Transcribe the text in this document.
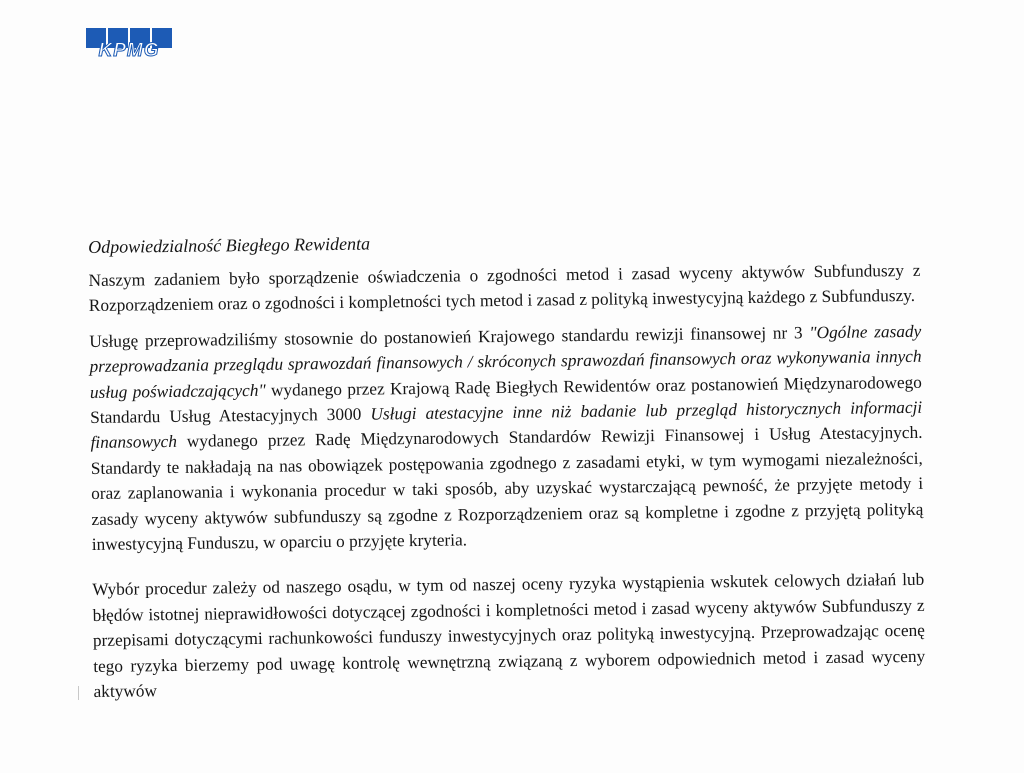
KPMG
Odpowiedzialność Biegłego Rewidenta

Naszym zadaniem było sporządzenie oświadczenia o zgodności metod i zasad wyceny aktywów Subfunduszy z Rozporządzeniem oraz o zgodności i kompletności tych metod i zasad z polityką inwestycyjną każdego z Subfunduszy.

Usługę przeprowadziliśmy stosownie do postanowień Krajowego standardu rewizji finansowej nr 3 "Ogólne zasady przeprowadzania przeglądu sprawozdań finansowych / skróconych sprawozdań finansowych oraz wykonywania innych usług poświadczających" wydanego przez Krajową Radę Biegłych Rewidentów oraz postanowień Międzynarodowego Standardu Usług Atestacyjnych 3000 Usługi atestacyjne inne niż badanie lub przegląd historycznych informacji finansowych wydanego przez Radę Międzynarodowych Standardów Rewizji Finansowej i Usług Atestacyjnych. Standardy te nakładają na nas obowiązek postępowania zgodnego z zasadami etyki, w tym wymogami niezależności, oraz zaplanowania i wykonania procedur w taki sposób, aby uzyskać wystarczającą pewność, że przyjęte metody i zasady wyceny aktywów subfunduszy są zgodne z Rozporządzeniem oraz są kompletne i zgodne z przyjętą polityką inwestycyjną Funduszu, w oparciu o przyjęte kryteria.

Wybór procedur zależy od naszego osądu, w tym od naszej oceny ryzyka wystąpienia wskutek celowych działań lub błędów istotnej nieprawidłowości dotyczącej zgodności i kompletności metod i zasad wyceny aktywów Subfunduszy z przepisami dotyczącymi rachunkowości funduszy inwestycyjnych oraz polityką inwestycyjną. Przeprowadzając ocenę tego ryzyka bierzemy pod uwagę kontrolę wewnętrzną związaną z wyborem odpowiednich metod i zasad wyceny aktywów
